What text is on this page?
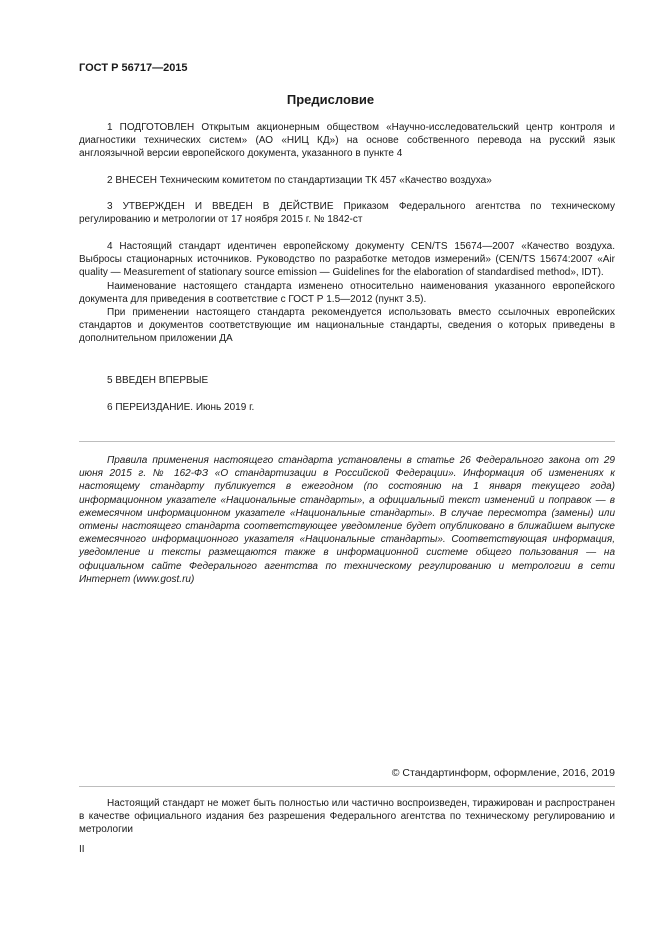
ГОСТ Р 56717—2015
Предисловие

1 ПОДГОТОВЛЕН Открытым акционерным обществом «Научно-исследовательский центр контроля и диагностики технических систем» (АО «НИЦ КД») на основе собственного перевода на русский язык англоязычной версии европейского документа, указанного в пункте 4

2 ВНЕСЕН Техническим комитетом по стандартизации ТК 457 «Качество воздуха»

3 УТВЕРЖДЕН И ВВЕДЕН В ДЕЙСТВИЕ Приказом Федерального агентства по техническому регулированию и метрологии от 17 ноября 2015 г. № 1842-ст

4 Настоящий стандарт идентичен европейскому документу CEN/TS 15674—2007 «Качество воздуха. Выбросы стационарных источников. Руководство по разработке методов измерений» (CEN/TS 15674:2007 «Air quality — Measurement of stationary source emission — Guidelines for the elaboration of standardised method», IDT).

Наименование настоящего стандарта изменено относительно наименования указанного европейского документа для приведения в соответствие с ГОСТ Р 1.5—2012 (пункт 3.5).

При применении настоящего стандарта рекомендуется использовать вместо ссылочных европейских стандартов и документов соответствующие им национальные стандарты, сведения о которых приведены в дополнительном приложении ДА

5 ВВЕДЕН ВПЕРВЫЕ

6 ПЕРЕИЗДАНИЕ. Июнь 2019 г.

Правила применения настоящего стандарта установлены в статье 26 Федерального закона от 29 июня 2015 г. № 162-ФЗ «О стандартизации в Российской Федерации». Информация об изменениях к настоящему стандарту публикуется в ежегодном (по состоянию на 1 января текущего года) информационном указателе «Национальные стандарты», а официальный текст изменений и поправок — в ежемесячном информационном указателе «Национальные стандарты». В случае пересмотра (замены) или отмены настоящего стандарта соответствующее уведомление будет опубликовано в ближайшем выпуске ежемесячного информационного указателя «Национальные стандарты». Соответствующая информация, уведомление и тексты размещаются также в информационной системе общего пользования — на официальном сайте Федерального агентства по техническому регулированию и метрологии в сети Интернет (www.gost.ru)

© Стандартинформ, оформление, 2016, 2019

Настоящий стандарт не может быть полностью или частично воспроизведен, тиражирован и распространен в качестве официального издания без разрешения Федерального агентства по техническому регулированию и метрологии

II
